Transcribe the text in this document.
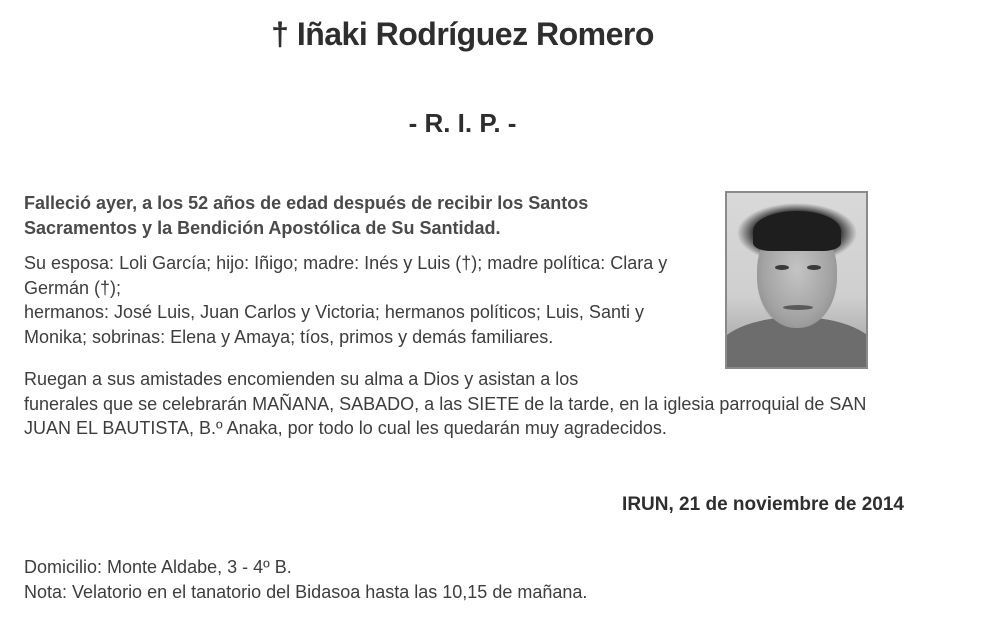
† Iñaki Rodríguez Romero
- R. I. P. -

Falleció ayer, a los 52 años de edad después de recibir los Santos Sacramentos y la Bendición Apostólica de Su Santidad.

Su esposa: Loli García; hijo: Iñigo; madre: Inés y Luis (†); madre política: Clara y Germán (†);
hermanos: José Luis, Juan Carlos y Victoria; hermanos políticos; Luis, Santi y Monika; sobrinas: Elena y Amaya; tíos, primos y demás familiares.

Ruegan a sus amistades encomienden su alma a Dios y asistan a los
funerales que se celebrarán MAÑANA, SABADO, a las SIETE de la tarde, en la iglesia parroquial de SAN JUAN EL BAUTISTA, B.º Anaka, por todo lo cual les quedarán muy agradecidos.
IRUN, 21 de noviembre de 2014
Domicilio: Monte Aldabe, 3 - 4º B.
Nota: Velatorio en el tanatorio del Bidasoa hasta las 10,15 de mañana.
